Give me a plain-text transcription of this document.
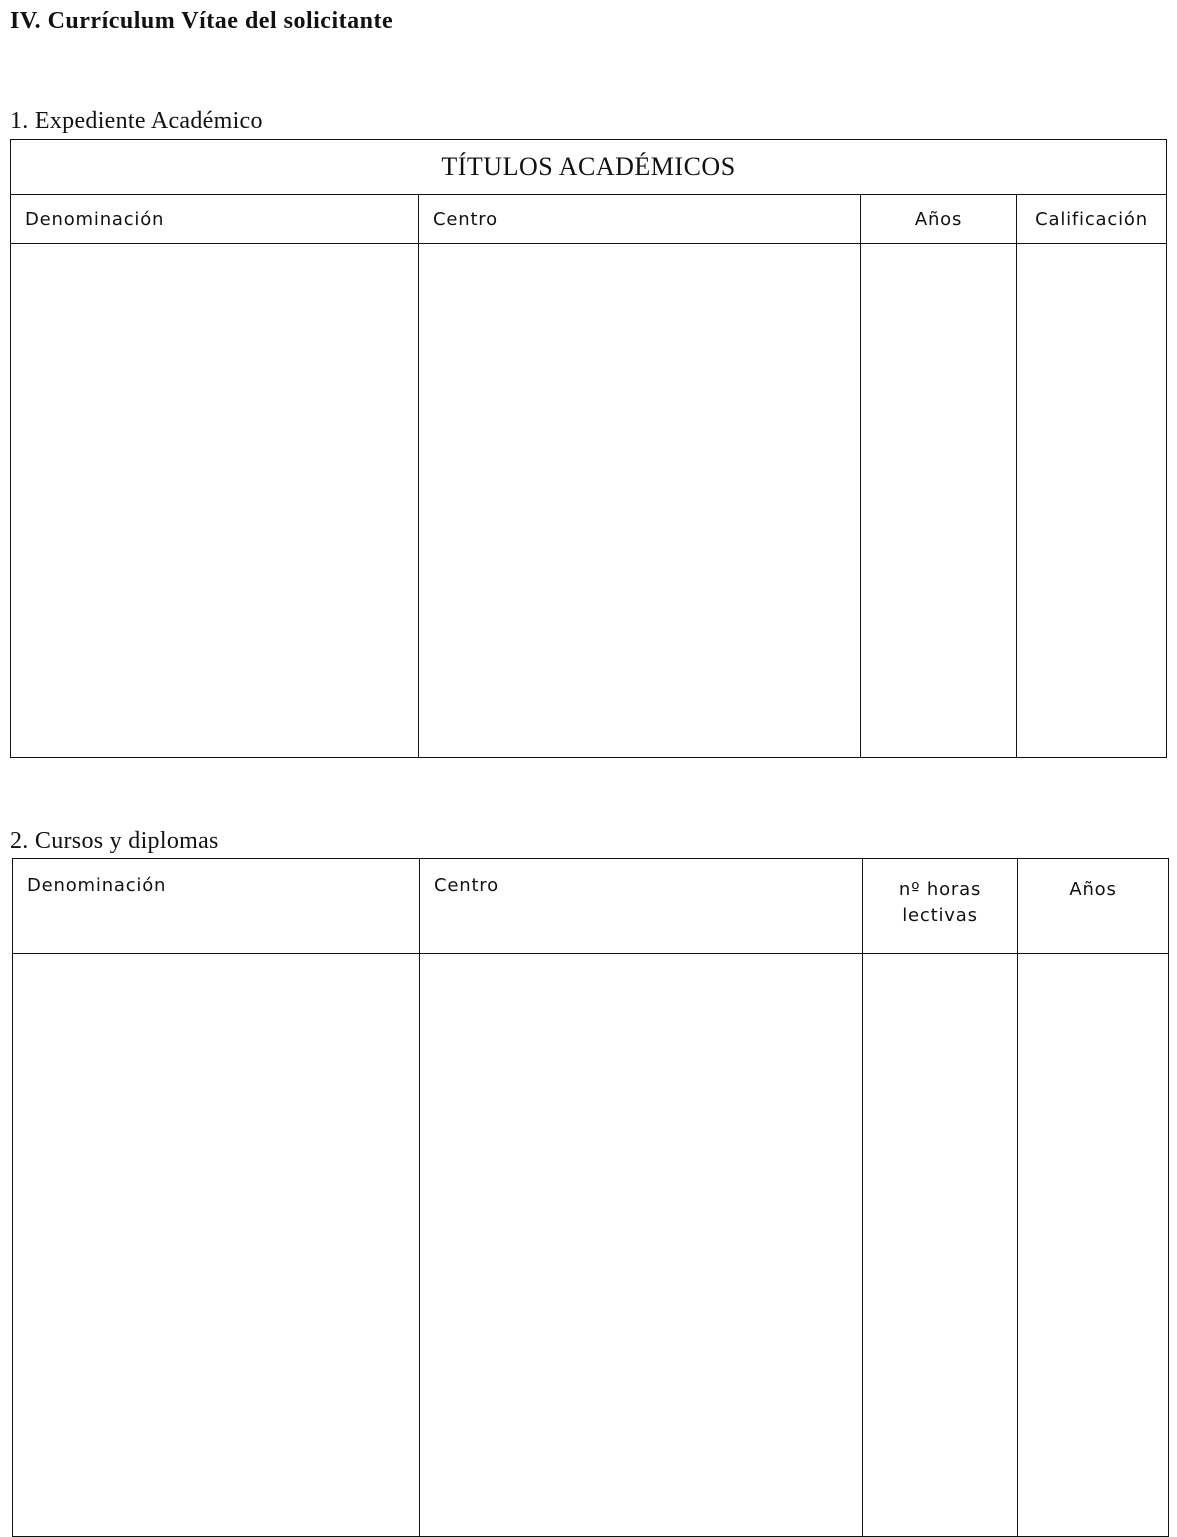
IV. Currículum Vítae del solicitante
1. Expediente Académico
TÍTULOS ACADÉMICOS			
Denominación	Centro	Años	Calificación

2. Cursos y diplomas
Denominación	Centro	nº horas lectivas	Años
